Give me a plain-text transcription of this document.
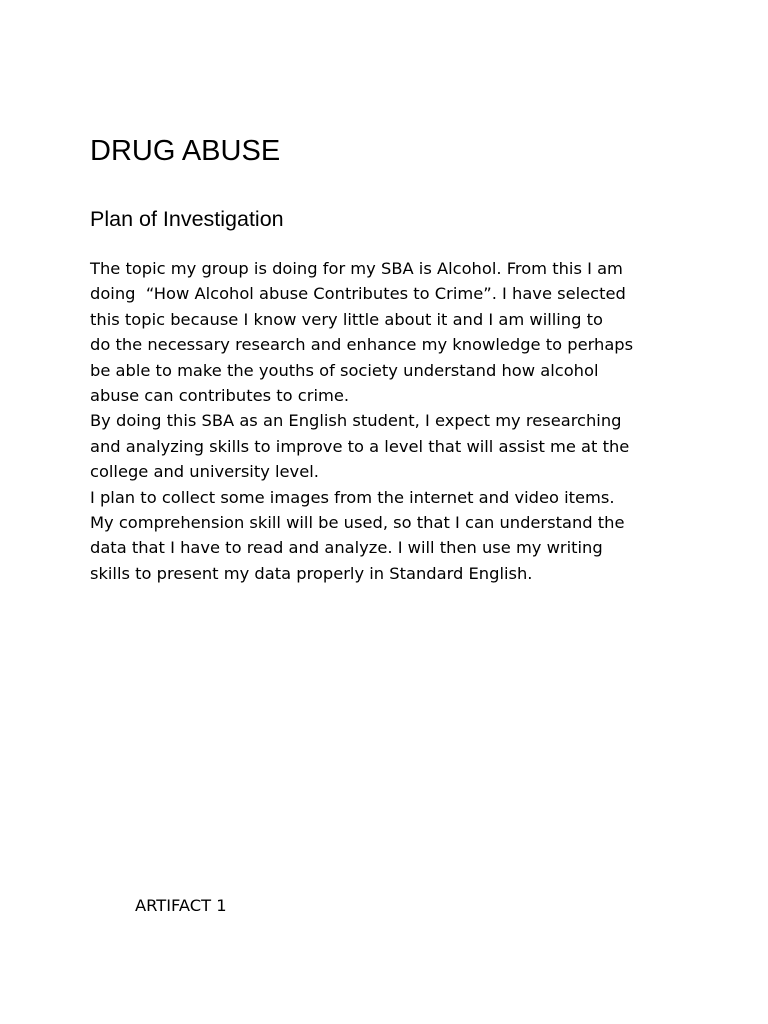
DRUG ABUSE
Plan of Investigation
The topic my group is doing for my SBA is Alcohol. From this I am
doing  “How Alcohol abuse Contributes to Crime”. I have selected
this topic because I know very little about it and I am willing to
do the necessary research and enhance my knowledge to perhaps
be able to make the youths of society understand how alcohol
abuse can contributes to crime.
By doing this SBA as an English student, I expect my researching
and analyzing skills to improve to a level that will assist me at the
college and university level.
I plan to collect some images from the internet and video items.
My comprehension skill will be used, so that I can understand the
data that I have to read and analyze. I will then use my writing
skills to present my data properly in Standard English.

ARTIFACT 1
